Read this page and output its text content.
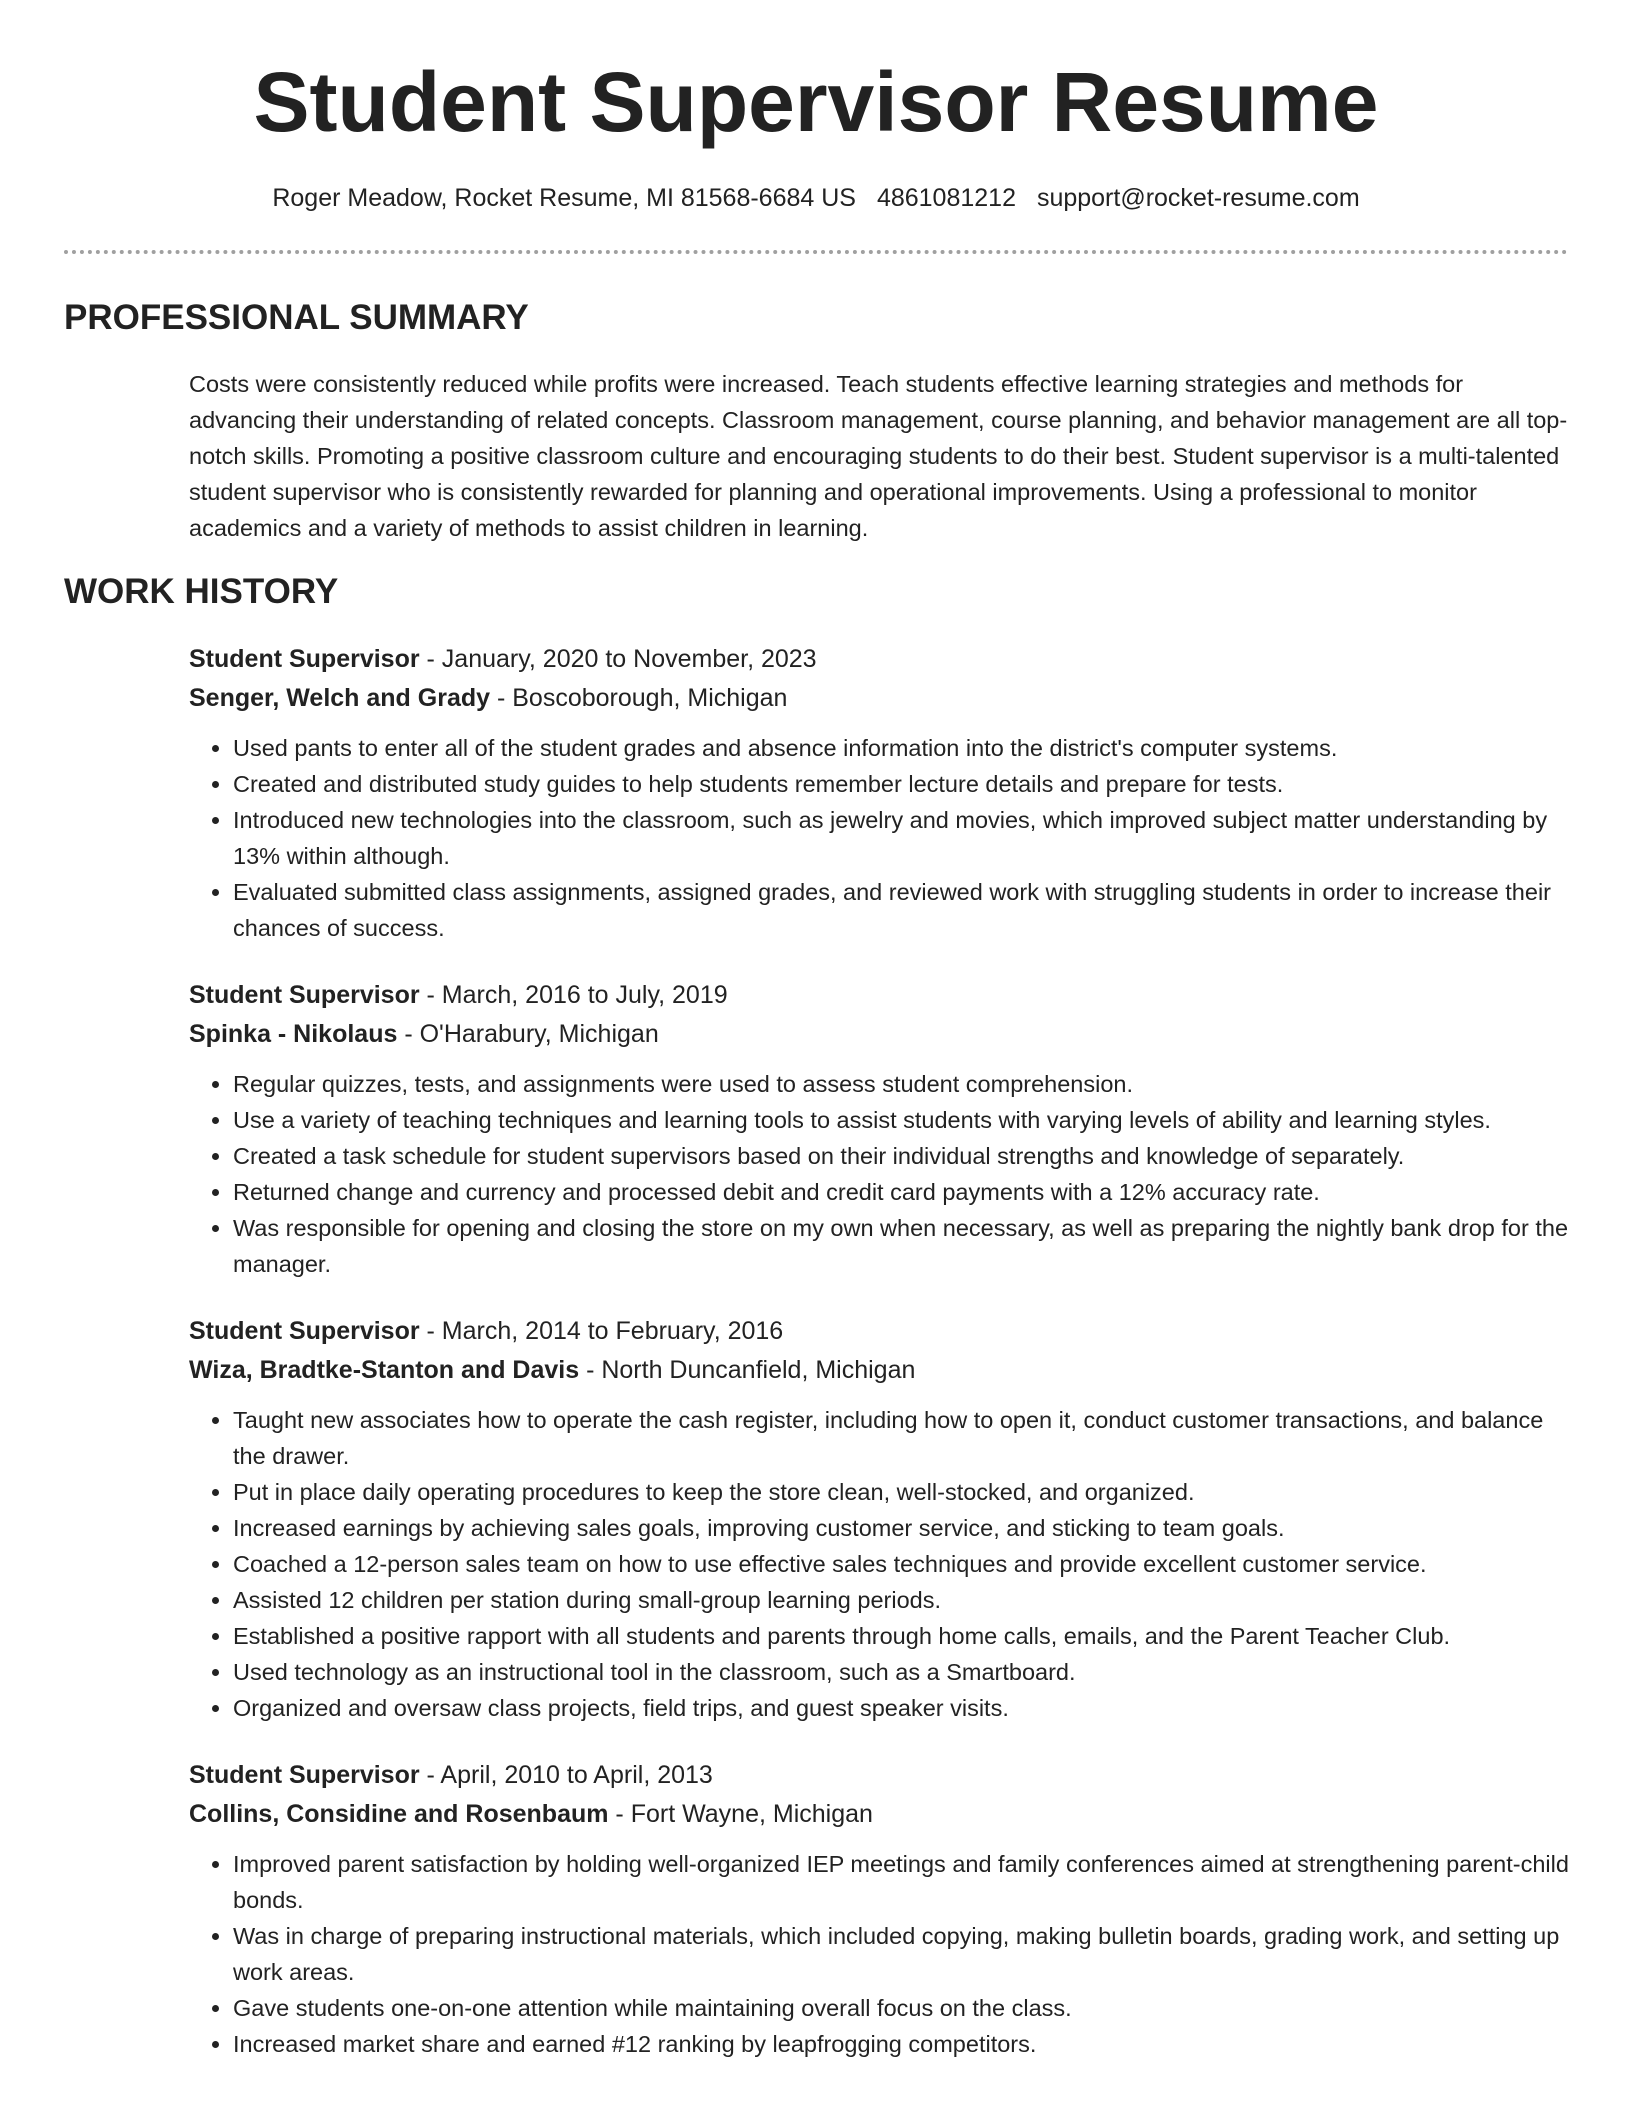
Student Supervisor Resume
Roger Meadow, Rocket Resume, MI 81568-6684 US 4861081212 support@rocket-resume.com
PROFESSIONAL SUMMARY

Costs were consistently reduced while profits were increased. Teach students effective learning strategies and methods for advancing their understanding of related concepts. Classroom management, course planning, and behavior management are all top-notch skills. Promoting a positive classroom culture and encouraging students to do their best. Student supervisor is a multi-talented student supervisor who is consistently rewarded for planning and operational improvements. Using a professional to monitor academics and a variety of methods to assist children in learning.

WORK HISTORY

Student Supervisor - January, 2020 to November, 2023

Senger, Welch and Grady - Boscoborough, Michigan

• Used pants to enter all of the student grades and absence information into the district's computer systems.
• Created and distributed study guides to help students remember lecture details and prepare for tests.
• Introduced new technologies into the classroom, such as jewelry and movies, which improved subject matter understanding by 13% within although.
• Evaluated submitted class assignments, assigned grades, and reviewed work with struggling students in order to increase their chances of success.

Student Supervisor - March, 2016 to July, 2019

Spinka - Nikolaus - O'Harabury, Michigan

• Regular quizzes, tests, and assignments were used to assess student comprehension.
• Use a variety of teaching techniques and learning tools to assist students with varying levels of ability and learning styles.
• Created a task schedule for student supervisors based on their individual strengths and knowledge of separately.
• Returned change and currency and processed debit and credit card payments with a 12% accuracy rate.
• Was responsible for opening and closing the store on my own when necessary, as well as preparing the nightly bank drop for the manager.

Student Supervisor - March, 2014 to February, 2016

Wiza, Bradtke-Stanton and Davis - North Duncanfield, Michigan

• Taught new associates how to operate the cash register, including how to open it, conduct customer transactions, and balance the drawer.
• Put in place daily operating procedures to keep the store clean, well-stocked, and organized.
• Increased earnings by achieving sales goals, improving customer service, and sticking to team goals.
• Coached a 12-person sales team on how to use effective sales techniques and provide excellent customer service.
• Assisted 12 children per station during small-group learning periods.
• Established a positive rapport with all students and parents through home calls, emails, and the Parent Teacher Club.
• Used technology as an instructional tool in the classroom, such as a Smartboard.
• Organized and oversaw class projects, field trips, and guest speaker visits.

Student Supervisor - April, 2010 to April, 2013

Collins, Considine and Rosenbaum - Fort Wayne, Michigan

• Improved parent satisfaction by holding well-organized IEP meetings and family conferences aimed at strengthening parent-child bonds.
• Was in charge of preparing instructional materials, which included copying, making bulletin boards, grading work, and setting up work areas.
• Gave students one-on-one attention while maintaining overall focus on the class.
• Increased market share and earned #12 ranking by leapfrogging competitors.
